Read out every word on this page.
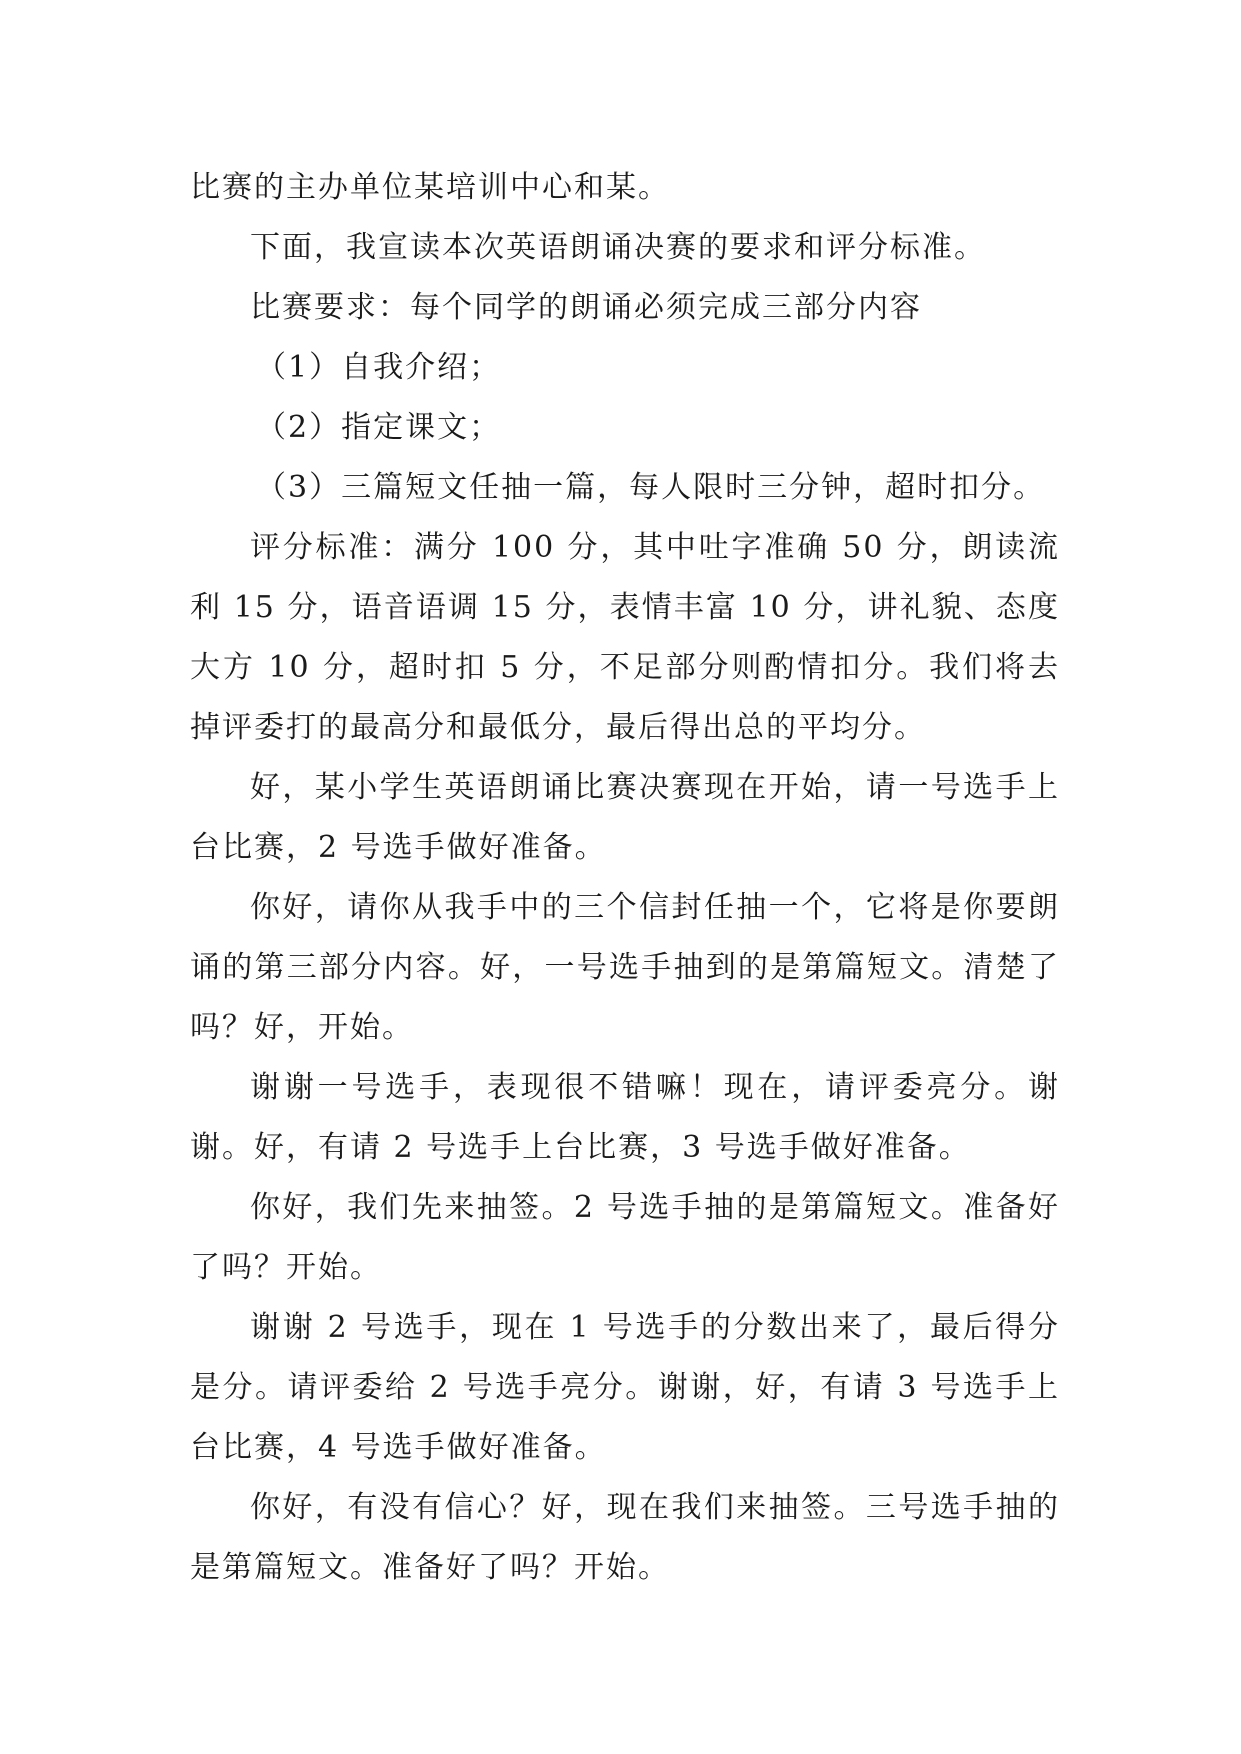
比赛的主办单位某培训中心和某。

下面，我宣读本次英语朗诵决赛的要求和评分标准。

比赛要求：每个同学的朗诵必须完成三部分内容

（1）自我介绍；

（2）指定课文；

（3）三篇短文任抽一篇，每人限时三分钟，超时扣分。

评分标准：满分 100 分，其中吐字准确 50 分，朗读流利 15 分，语音语调 15 分，表情丰富 10 分，讲礼貌、态度大方 10 分，超时扣 5 分，不足部分则酌情扣分。我们将去掉评委打的最高分和最低分，最后得出总的平均分。

好，某小学生英语朗诵比赛决赛现在开始，请一号选手上台比赛，2 号选手做好准备。

你好，请你从我手中的三个信封任抽一个，它将是你要朗诵的第三部分内容。好，一号选手抽到的是第篇短文。清楚了吗？好，开始。

谢谢一号选手，表现很不错嘛！现在，请评委亮分。谢谢。好，有请 2 号选手上台比赛，3 号选手做好准备。

你好，我们先来抽签。2 号选手抽的是第篇短文。准备好了吗？开始。

谢谢 2 号选手，现在 1 号选手的分数出来了，最后得分是分。请评委给 2 号选手亮分。谢谢，好，有请 3 号选手上台比赛，4 号选手做好准备。

你好，有没有信心？好，现在我们来抽签。三号选手抽的是第篇短文。准备好了吗？开始。
